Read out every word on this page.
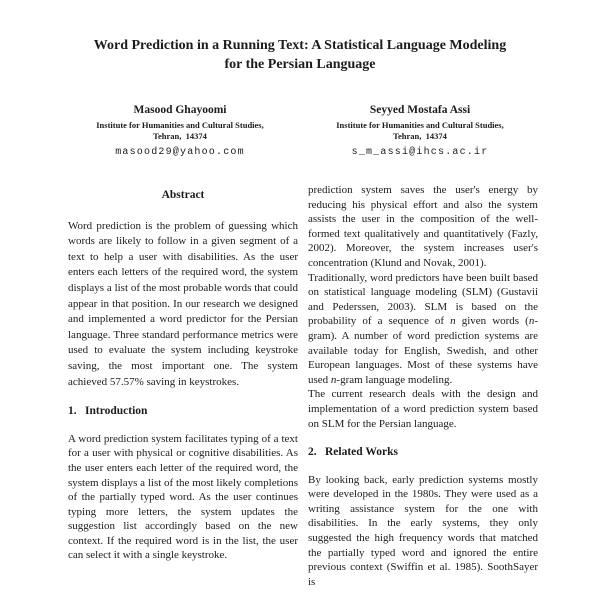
Word Prediction in a Running Text: A Statistical Language Modeling
for the Persian Language
Masood Ghayoomi
Institute for Humanities and Cultural Studies,
Tehran,  14374
masood29@yahoo.com
Seyyed Mostafa Assi
Institute for Humanities and Cultural Studies,
Tehran,  14374
s_m_assi@ihcs.ac.ir
Abstract

Word prediction is the problem of guessing which words are likely to follow in a given segment of a text to help a user with disabilities. As the user enters each letters of the required word, the system displays a list of the most probable words that could appear in that position. In our research we designed and implemented a word predictor for the Persian language. Three standard performance metrics were used to evaluate the system including keystroke saving, the most important one. The system achieved 57.57% saving in keystrokes.

1. Introduction

A word prediction system facilitates typing of a text for a user with physical or cognitive disabilities. As the user enters each letter of the required word, the system displays a list of the most likely completions of the partially typed word. As the user continues typing more letters, the system updates the suggestion list accordingly based on the new context. If the required word is in the list, the user can select it with a single keystroke.

prediction system saves the user's energy by reducing his physical effort and also the system assists the user in the composition of the well-formed text qualitatively and quantitatively (Fazly, 2002). Moreover, the system increases user's concentration (Klund and Novak, 2001).

Traditionally, word predictors have been built based on statistical language modeling (SLM) (Gustavii and Pederssen, 2003). SLM is based on the probability of a sequence of n given words (n-gram). A number of word prediction systems are available today for English, Swedish, and other European languages. Most of these systems have used n-gram language modeling.

The current research deals with the design and implementation of a word prediction system based on SLM for the Persian language.

2. Related Works

By looking back, early prediction systems mostly were developed in the 1980s. They were used as a writing assistance system for the one with disabilities. In the early systems, they only suggested the high frequency words that matched the partially typed word and ignored the entire previous context (Swiffin et al. 1985). SoothSayer is
